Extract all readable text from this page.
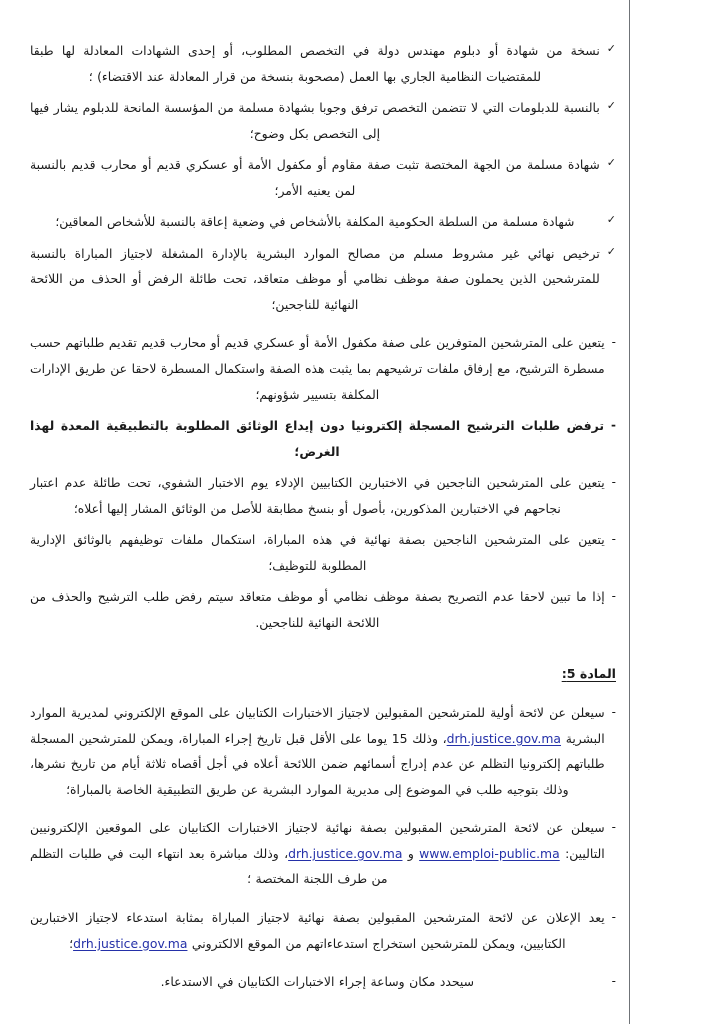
✓
نسخة من شهادة أو دبلوم مهندس دولة في التخصص المطلوب، أو إحدى الشهادات المعادلة لها طبقا للمقتضيات النظامية الجاري بها العمل (مصحوبة بنسخة من قرار المعادلة عند الاقتضاء) ؛
✓
بالنسبة للدبلومات التي لا تتضمن التخصص ترفق وجوبا بشهادة مسلمة من المؤسسة المانحة للدبلوم يشار فيها إلى التخصص بكل وضوح؛
✓
شهادة مسلمة من الجهة المختصة تثبت صفة مقاوم أو مكفول الأمة أو عسكري قديم أو محارب قديم بالنسبة لمن يعنيه الأمر؛
✓
شهادة مسلمة من السلطة الحكومية المكلفة بالأشخاص في وضعية إعاقة بالنسبة للأشخاص المعاقين؛
✓
ترخيص نهائي غير مشروط مسلم من مصالح الموارد البشرية بالإدارة المشغلة لاجتياز المباراة بالنسبة للمترشحين الذين يحملون صفة موظف نظامي أو موظف متعاقد، تحت طائلة الرفض أو الحذف من اللائحة النهائية للناجحين؛
-
يتعين على المترشحين المتوفرين على صفة مكفول الأمة أو عسكري قديم أو محارب قديم تقديم طلباتهم حسب مسطرة الترشيح، مع إرفاق ملفات ترشيحهم بما يثبت هذه الصفة واستكمال المسطرة لاحقا عن طريق الإدارات المكلفة بتسيير شؤونهم؛
-
ترفض طلبات الترشيح المسجلة إلكترونيا دون إيداع الوثائق المطلوبة بالتطبيقية المعدة لهذا الغرض؛
-
يتعين على المترشحين الناجحين في الاختبارين الكتابيين الإدلاء يوم الاختبار الشفوي، تحت طائلة عدم اعتبار نجاحهم في الاختبارين المذكورين، بأصول أو بنسخ مطابقة للأصل من الوثائق المشار إليها أعلاه؛
-
يتعين على المترشحين الناجحين بصفة نهائية في هذه المباراة، استكمال ملفات توظيفهم بالوثائق الإدارية المطلوبة للتوظيف؛
-
إذا ما تبين لاحقا عدم التصريح بصفة موظف نظامي أو موظف متعاقد سيتم رفض طلب الترشيح والحذف من اللائحة النهائية للناجحين.
المادة 5:
-
سيعلن عن لائحة أولية للمترشحين المقبولين لاجتياز الاختبارات الكتابيان على الموقع الإلكتروني لمديرية الموارد البشرية drh.justice.gov.ma، وذلك 15 يوما على الأقل قبل تاريخ إجراء المباراة، ويمكن للمترشحين المسجلة طلباتهم إلكترونيا التظلم عن عدم إدراج أسمائهم ضمن اللائحة أعلاه في أجل أقصاه ثلاثة أيام من تاريخ نشرها، وذلك بتوجيه طلب في الموضوع إلى مديرية الموارد البشرية عن طريق التطبيقية الخاصة بالمباراة؛
-
سيعلن عن لائحة المترشحين المقبولين بصفة نهائية لاجتياز الاختبارات الكتابيان على الموقعين الإلكترونيين التاليين: www.emploi-public.ma و drh.justice.gov.ma، وذلك مباشرة بعد انتهاء البت في طلبات التظلم من طرف اللجنة المختصة ؛
-
يعد الإعلان عن لائحة المترشحين المقبولين بصفة نهائية لاجتياز المباراة بمثابة استدعاء لاجتياز الاختبارين الكتابيين، ويمكن للمترشحين استخراج استدعاءاتهم من الموقع الالكتروني drh.justice.gov.ma؛
-
سيحدد مكان وساعة إجراء الاختبارات الكتابيان في الاستدعاء.
